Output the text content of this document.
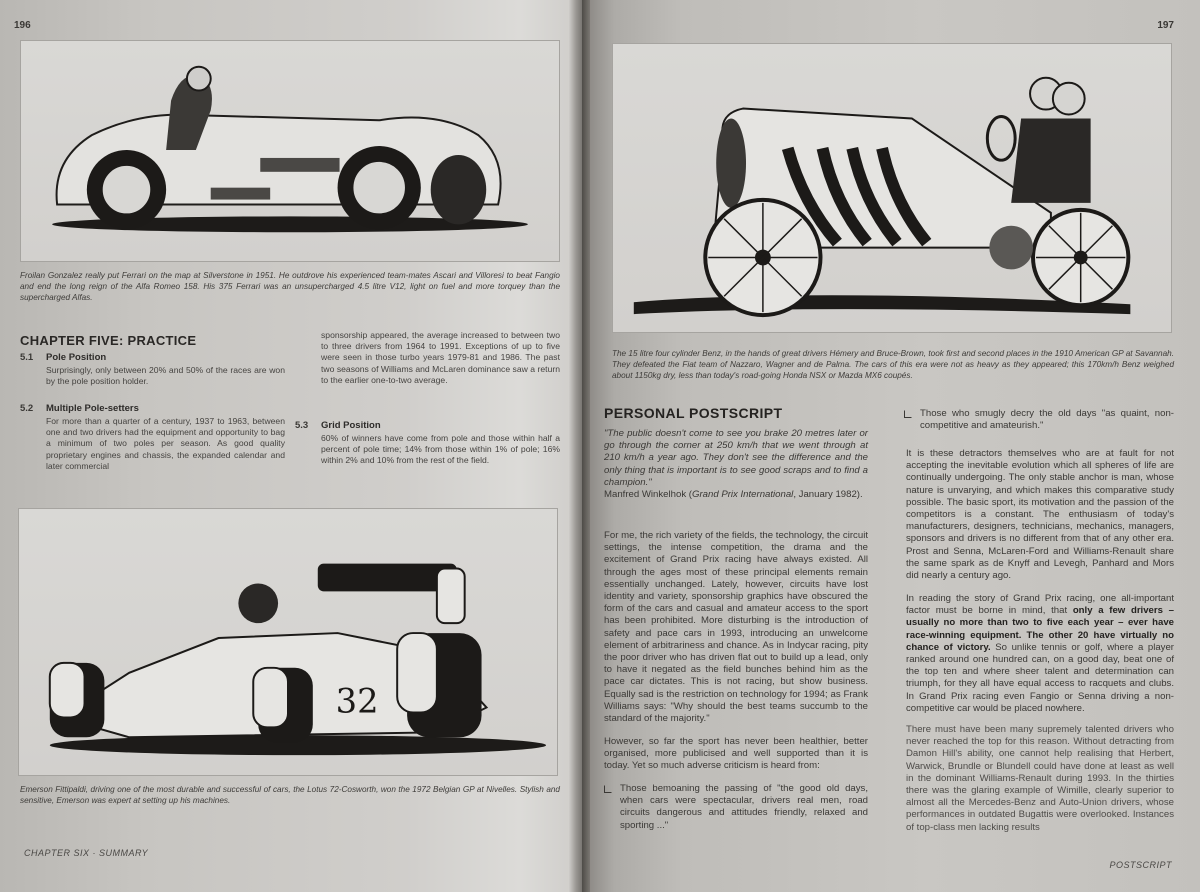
196
Froilan Gonzalez really put Ferrari on the map at Silverstone in 1951. He outdrove his experienced team-mates Ascari and Villoresi to beat Fangio and end the long reign of the Alfa Romeo 158. His 375 Ferrari was an unsupercharged 4.5 litre V12, light on fuel and more torquey than the supercharged Alfas.
CHAPTER FIVE: PRACTICE
5.1 Pole Position
Surprisingly, only between 20% and 50% of the races are won by the pole position holder.
5.2 Multiple Pole-setters
For more than a quarter of a century, 1937 to 1963, between one and two drivers had the equipment and opportunity to bag a minimum of two poles per season. As good quality proprietary engines and chassis, the expanded calendar and later commercial
sponsorship appeared, the average increased to between two to three drivers from 1964 to 1991. Exceptions of up to five were seen in those turbo years 1979-81 and 1986. The past two seasons of Williams and McLaren dominance saw a return to the earlier one-to-two average.
5.3 Grid Position
60% of winners have come from pole and those within half a percent of pole time; 14% from those within 1% of pole; 16% within 2% and 10% from the rest of the field.
32
Emerson Fittipaldi, driving one of the most durable and successful of cars, the Lotus 72-Cosworth, won the 1972 Belgian GP at Nivelles. Stylish and sensitive, Emerson was expert at setting up his machines.
CHAPTER SIX · SUMMARY
197
The 15 litre four cylinder Benz, in the hands of great drivers Hémery and Bruce-Brown, took first and second places in the 1910 American GP at Savannah. They defeated the Fiat team of Nazzaro, Wagner and de Palma. The cars of this era were not as heavy as they appeared; this 170km/h Benz weighed about 1150kg dry, less than today's road-going Honda NSX or Mazda MX6 coupés.
PERSONAL POSTSCRIPT
"The public doesn't come to see you brake 20 metres later or go through the corner at 250 km/h that we went through at 210 km/h a year ago. They don't see the difference and the only thing that is important is to see good scraps and to find a champion."
Manfred Winkelhok (Grand Prix International, January 1982).
For me, the rich variety of the fields, the technology, the circuit settings, the intense competition, the drama and the excitement of Grand Prix racing have always existed. All through the ages most of these principal elements remain essentially unchanged. Lately, however, circuits have lost identity and variety, sponsorship graphics have obscured the form of the cars and casual and amateur access to the sport has been prohibited. More disturbing is the introduction of safety and pace cars in 1993, introducing an unwelcome element of arbitrariness and chance. As in Indycar racing, pity the poor driver who has driven flat out to build up a lead, only to have it negated as the field bunches behind him as the pace car dictates. This is not racing, but show business. Equally sad is the restriction on technology for 1994; as Frank Williams says: "Why should the best teams succumb to the standard of the majority."
However, so far the sport has never been healthier, better organised, more publicised and well supported than it is today. Yet so much adverse criticism is heard from:
Those bemoaning the passing of "the good old days, when cars were spectacular, drivers real men, road circuits dangerous and attitudes friendly, relaxed and sporting ..."
Those who smugly decry the old days "as quaint, non-competitive and amateurish."
It is these detractors themselves who are at fault for not accepting the inevitable evolution which all spheres of life are continually undergoing. The only stable anchor is man, whose nature is unvarying, and which makes this comparative study possible. The basic sport, its motivation and the passion of the competitors is a constant. The enthusiasm of today's manufacturers, designers, technicians, mechanics, managers, sponsors and drivers is no different from that of any other era. Prost and Senna, McLaren-Ford and Williams-Renault share the same spark as de Knyff and Levegh, Panhard and Mors did nearly a century ago.
In reading the story of Grand Prix racing, one all-important factor must be borne in mind, that only a few drivers – usually no more than two to five each year – ever have race-winning equipment. The other 20 have virtually no chance of victory. So unlike tennis or golf, where a player ranked around one hundred can, on a good day, beat one of the top ten and where sheer talent and determination can triumph, for they all have equal access to racquets and clubs. In Grand Prix racing even Fangio or Senna driving a non-competitive car would be placed nowhere.
There must have been many supremely talented drivers who never reached the top for this reason. Without detracting from Damon Hill's ability, one cannot help realising that Herbert, Warwick, Brundle or Blundell could have done at least as well in the dominant Williams-Renault during 1993. In the thirties there was the glaring example of Wimille, clearly superior to almost all the Mercedes-Benz and Auto-Union drivers, whose performances in outdated Bugattis were overlooked. Instances of top-class men lacking results
POSTSCRIPT
